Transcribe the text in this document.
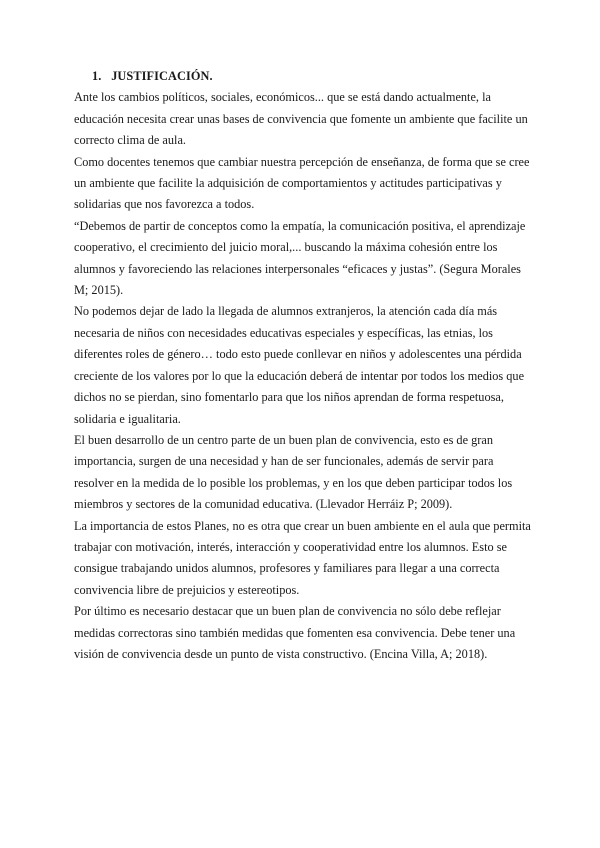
1. JUSTIFICACIÓN.

Ante los cambios políticos, sociales, económicos... que se está dando actualmente, la educación necesita crear unas bases de convivencia que fomente un ambiente que facilite un correcto clima de aula.

Como docentes tenemos que cambiar nuestra percepción de enseñanza, de forma que se cree un ambiente que facilite la adquisición de comportamientos y actitudes participativas y solidarias que nos favorezca a todos.

“Debemos de partir de conceptos como la empatía, la comunicación positiva, el aprendizaje cooperativo, el crecimiento del juicio moral,... buscando la máxima cohesión entre los alumnos y favoreciendo las relaciones interpersonales “eficaces y justas”. (Segura Morales M; 2015).

No podemos dejar de lado la llegada de alumnos extranjeros, la atención cada día más necesaria de niños con necesidades educativas especiales y específicas, las etnias, los diferentes roles de género… todo esto puede conllevar en niños y adolescentes una pérdida creciente de los valores por lo que la educación deberá de intentar por todos los medios que dichos no se pierdan, sino fomentarlo para que los niños aprendan de forma respetuosa, solidaria e igualitaria.

El buen desarrollo de un centro parte de un buen plan de convivencia, esto es de gran importancia, surgen de una necesidad y han de ser funcionales, además de servir para resolver en la medida de lo posible los problemas, y en los que deben participar todos los miembros y sectores de la comunidad educativa. (Llevador Herráiz P; 2009).

La importancia de estos Planes, no es otra que crear un buen ambiente en el aula que permita trabajar con motivación, interés, interacción y cooperatividad entre los alumnos. Esto se consigue trabajando unidos alumnos, profesores y familiares para llegar a una correcta convivencia libre de prejuicios y estereotipos.

Por último es necesario destacar que un buen plan de convivencia no sólo debe reflejar medidas correctoras sino también medidas que fomenten esa convivencia. Debe tener una visión de convivencia desde un punto de vista constructivo. (Encina Villa, A; 2018).
